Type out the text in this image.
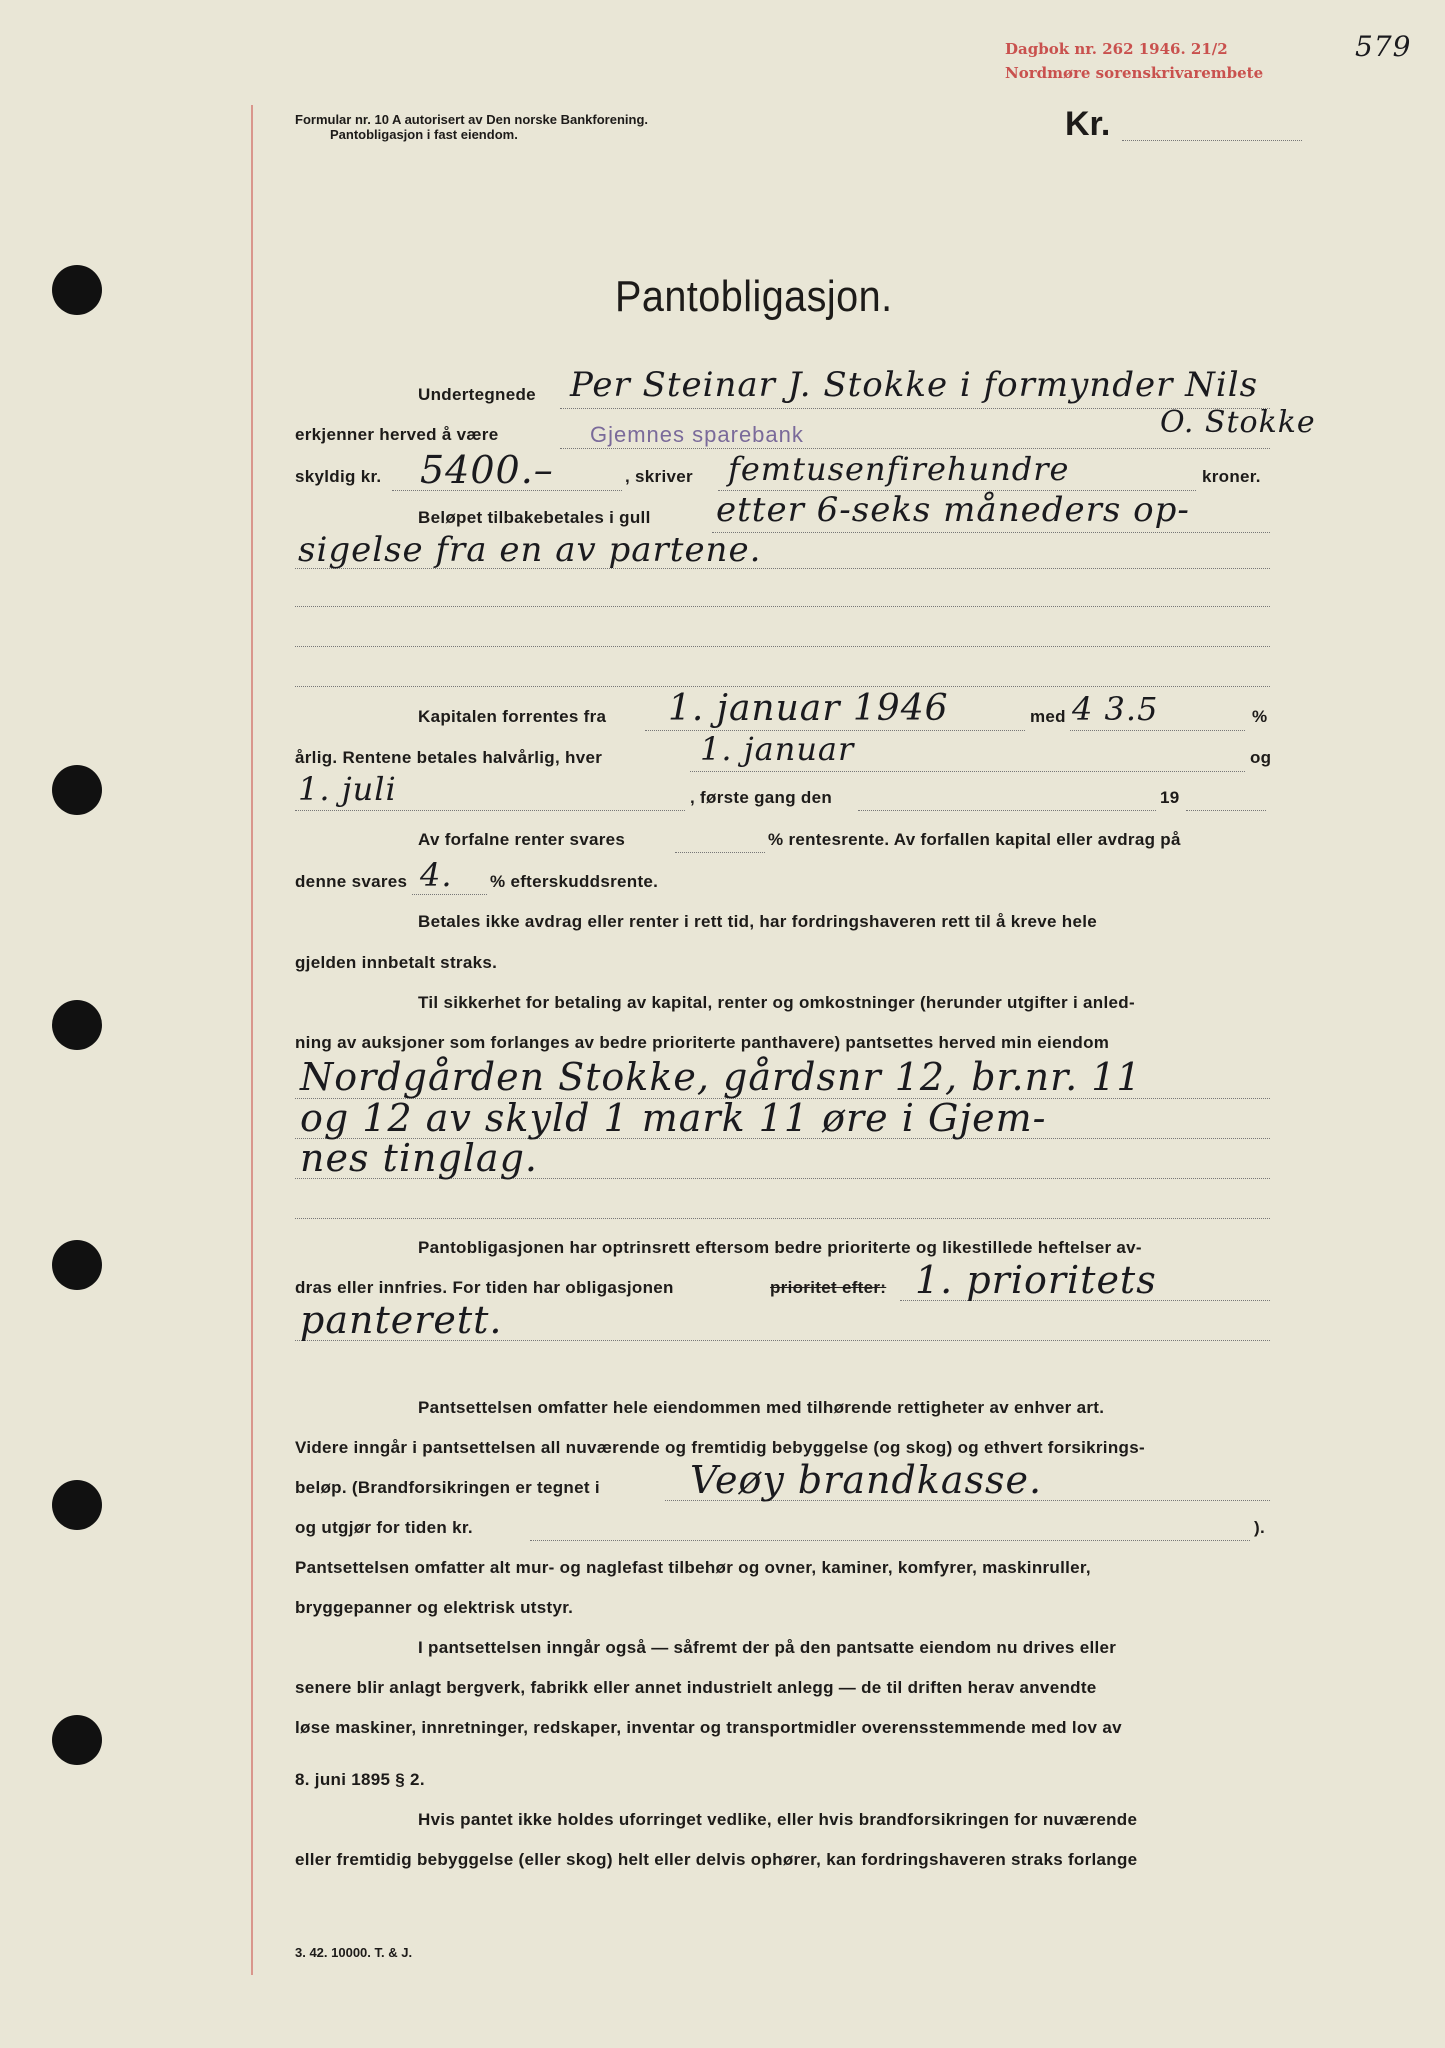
Formular nr. 10 A autorisert av Den norske Bankforening.
Pantobligasjon i fast eiendom.
Dagbok nr. 262 1946. 21/2
Nordmøre sorenskrivarembete
579
Kr.
Pantobligasjon.
Undertegnede Per Steinar J. Stokke i formynder Nils
erkjenner herved å være	Gjemnes sparebank	O. Stokke
skyldig kr. 5400.–	, skriver femtusenfirehundre	kroner.
Beløpet tilbakebetales i gull etter 6-seks måneders op-
sigelse fra en av partene.
Kapitalen forrentes fra 1. januar 1946	med 4 3.5	%
årlig. Rentene betales halvårlig, hver	1. januar	og
1. juli	, første gang den	19
Av forfalne renter svares	% rentesrente. Av forfallen kapital eller avdrag på
denne svares 4. % efterskuddsrente.
Betales ikke avdrag eller renter i rett tid, har fordringshaveren rett til å kreve hele
gjelden innbetalt straks.
Til sikkerhet for betaling av kapital, renter og omkostninger (herunder utgifter i anled-
ning av auksjoner som forlanges av bedre prioriterte panthavere) pantsettes herved min eiendom
Nordgården Stokke, gårdsnr 12, br.nr. 11
og 12 av skyld 1 mark 11 øre i Gjem-
nes tinglag.
Pantobligasjonen har optrinsrett eftersom bedre prioriterte og likestillede heftelser av-
dras eller innfries. For tiden har obligasjonen	prioritet efter: 1. prioritets
panterett.
Pantsettelsen omfatter hele eiendommen med tilhørende rettigheter av enhver art.
Videre inngår i pantsettelsen all nuværende og fremtidig bebyggelse (og skog) og ethvert forsikrings-
beløp. (Brandforsikringen er tegnet i Veøy brandkasse.
og utgjør for tiden kr.	).
Pantsettelsen omfatter alt mur- og naglefast tilbehør og ovner, kaminer, komfyrer, maskinruller,
bryggepanner og elektrisk utstyr.
I pantsettelsen inngår også — såfremt der på den pantsatte eiendom nu drives eller
senere blir anlagt bergverk, fabrikk eller annet industrielt anlegg — de til driften herav anvendte
løse maskiner, innretninger, redskaper, inventar og transportmidler overensstemmende med lov av
8. juni 1895 § 2.
Hvis pantet ikke holdes uforringet vedlike, eller hvis brandforsikringen for nuværende
eller fremtidig bebyggelse (eller skog) helt eller delvis ophører, kan fordringshaveren straks forlange
3. 42. 10000. T. & J.
